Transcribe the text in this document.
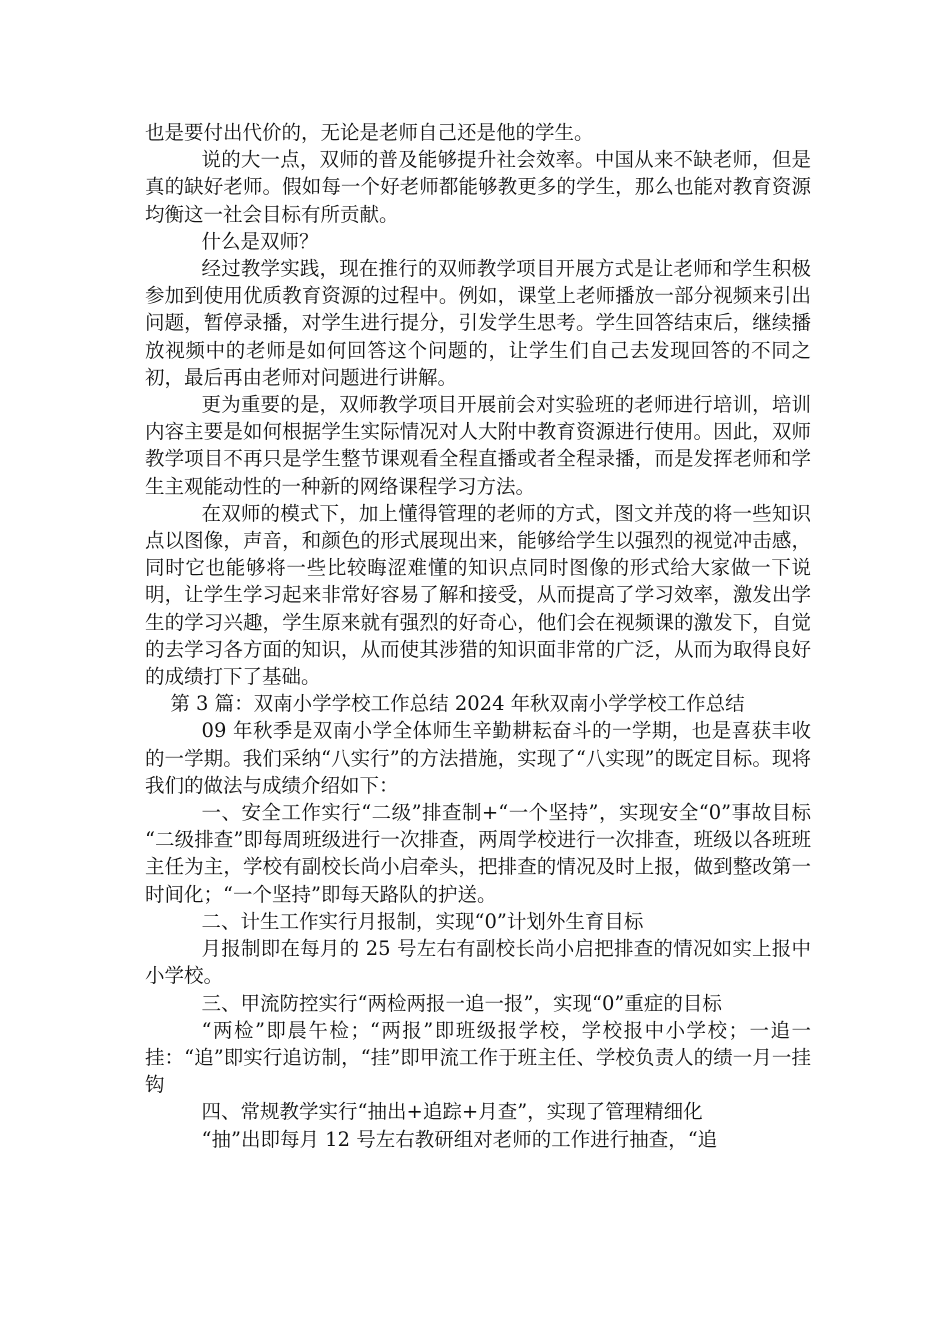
也是要付出代价的，无论是老师自己还是他的学生。

说的大一点，双师的普及能够提升社会效率。中国从来不缺老师，但是真的缺好老师。假如每一个好老师都能够教更多的学生，那么也能对教育资源均衡这一社会目标有所贡献。

什么是双师？

经过教学实践，现在推行的双师教学项目开展方式是让老师和学生积极参加到使用优质教育资源的过程中。例如，课堂上老师播放一部分视频来引出问题，暂停录播，对学生进行提分，引发学生思考。学生回答结束后，继续播放视频中的老师是如何回答这个问题的，让学生们自己去发现回答的不同之初，最后再由老师对问题进行讲解。

更为重要的是，双师教学项目开展前会对实验班的老师进行培训，培训内容主要是如何根据学生实际情况对人大附中教育资源进行使用。因此，双师教学项目不再只是学生整节课观看全程直播或者全程录播，而是发挥老师和学生主观能动性的一种新的网络课程学习方法。

在双师的模式下，加上懂得管理的老师的方式，图文并茂的将一些知识点以图像，声音，和颜色的形式展现出来，能够给学生以强烈的视觉冲击感，同时它也能够将一些比较晦涩难懂的知识点同时图像的形式给大家做一下说明，让学生学习起来非常好容易了解和接受，从而提高了学习效率，激发出学生的学习兴趣，学生原来就有强烈的好奇心，他们会在视频课的激发下，自觉的去学习各方面的知识，从而使其涉猎的知识面非常的广泛，从而为取得良好的成绩打下了基础。

第 3 篇：双南小学学校工作总结 2024 年秋双南小学学校工作总结

09 年秋季是双南小学全体师生辛勤耕耘奋斗的一学期，也是喜获丰收的一学期。我们采纳“八实行”的方法措施，实现了“八实现”的既定目标。现将我们的做法与成绩介绍如下：

一、安全工作实行“二级”排查制+“一个坚持”，实现安全“0”事故目标 “二级排查”即每周班级进行一次排查，两周学校进行一次排查，班级以各班班主任为主，学校有副校长尚小启牵头，把排查的情况及时上报，做到整改第一时间化；“一个坚持”即每天路队的护送。

二、计生工作实行月报制，实现“0”计划外生育目标

月报制即在每月的 25 号左右有副校长尚小启把排查的情况如实上报中小学校。

三、甲流防控实行“两检两报一追一报”，实现“0”重症的目标

“两检”即晨午检；“两报”即班级报学校，学校报中小学校；一追一挂：“追”即实行追访制，“挂”即甲流工作于班主任、学校负责人的绩一月一挂钩

四、常规教学实行“抽出+追踪+月查”，实现了管理精细化

“抽”出即每月 12 号左右教研组对老师的工作进行抽查，“追
